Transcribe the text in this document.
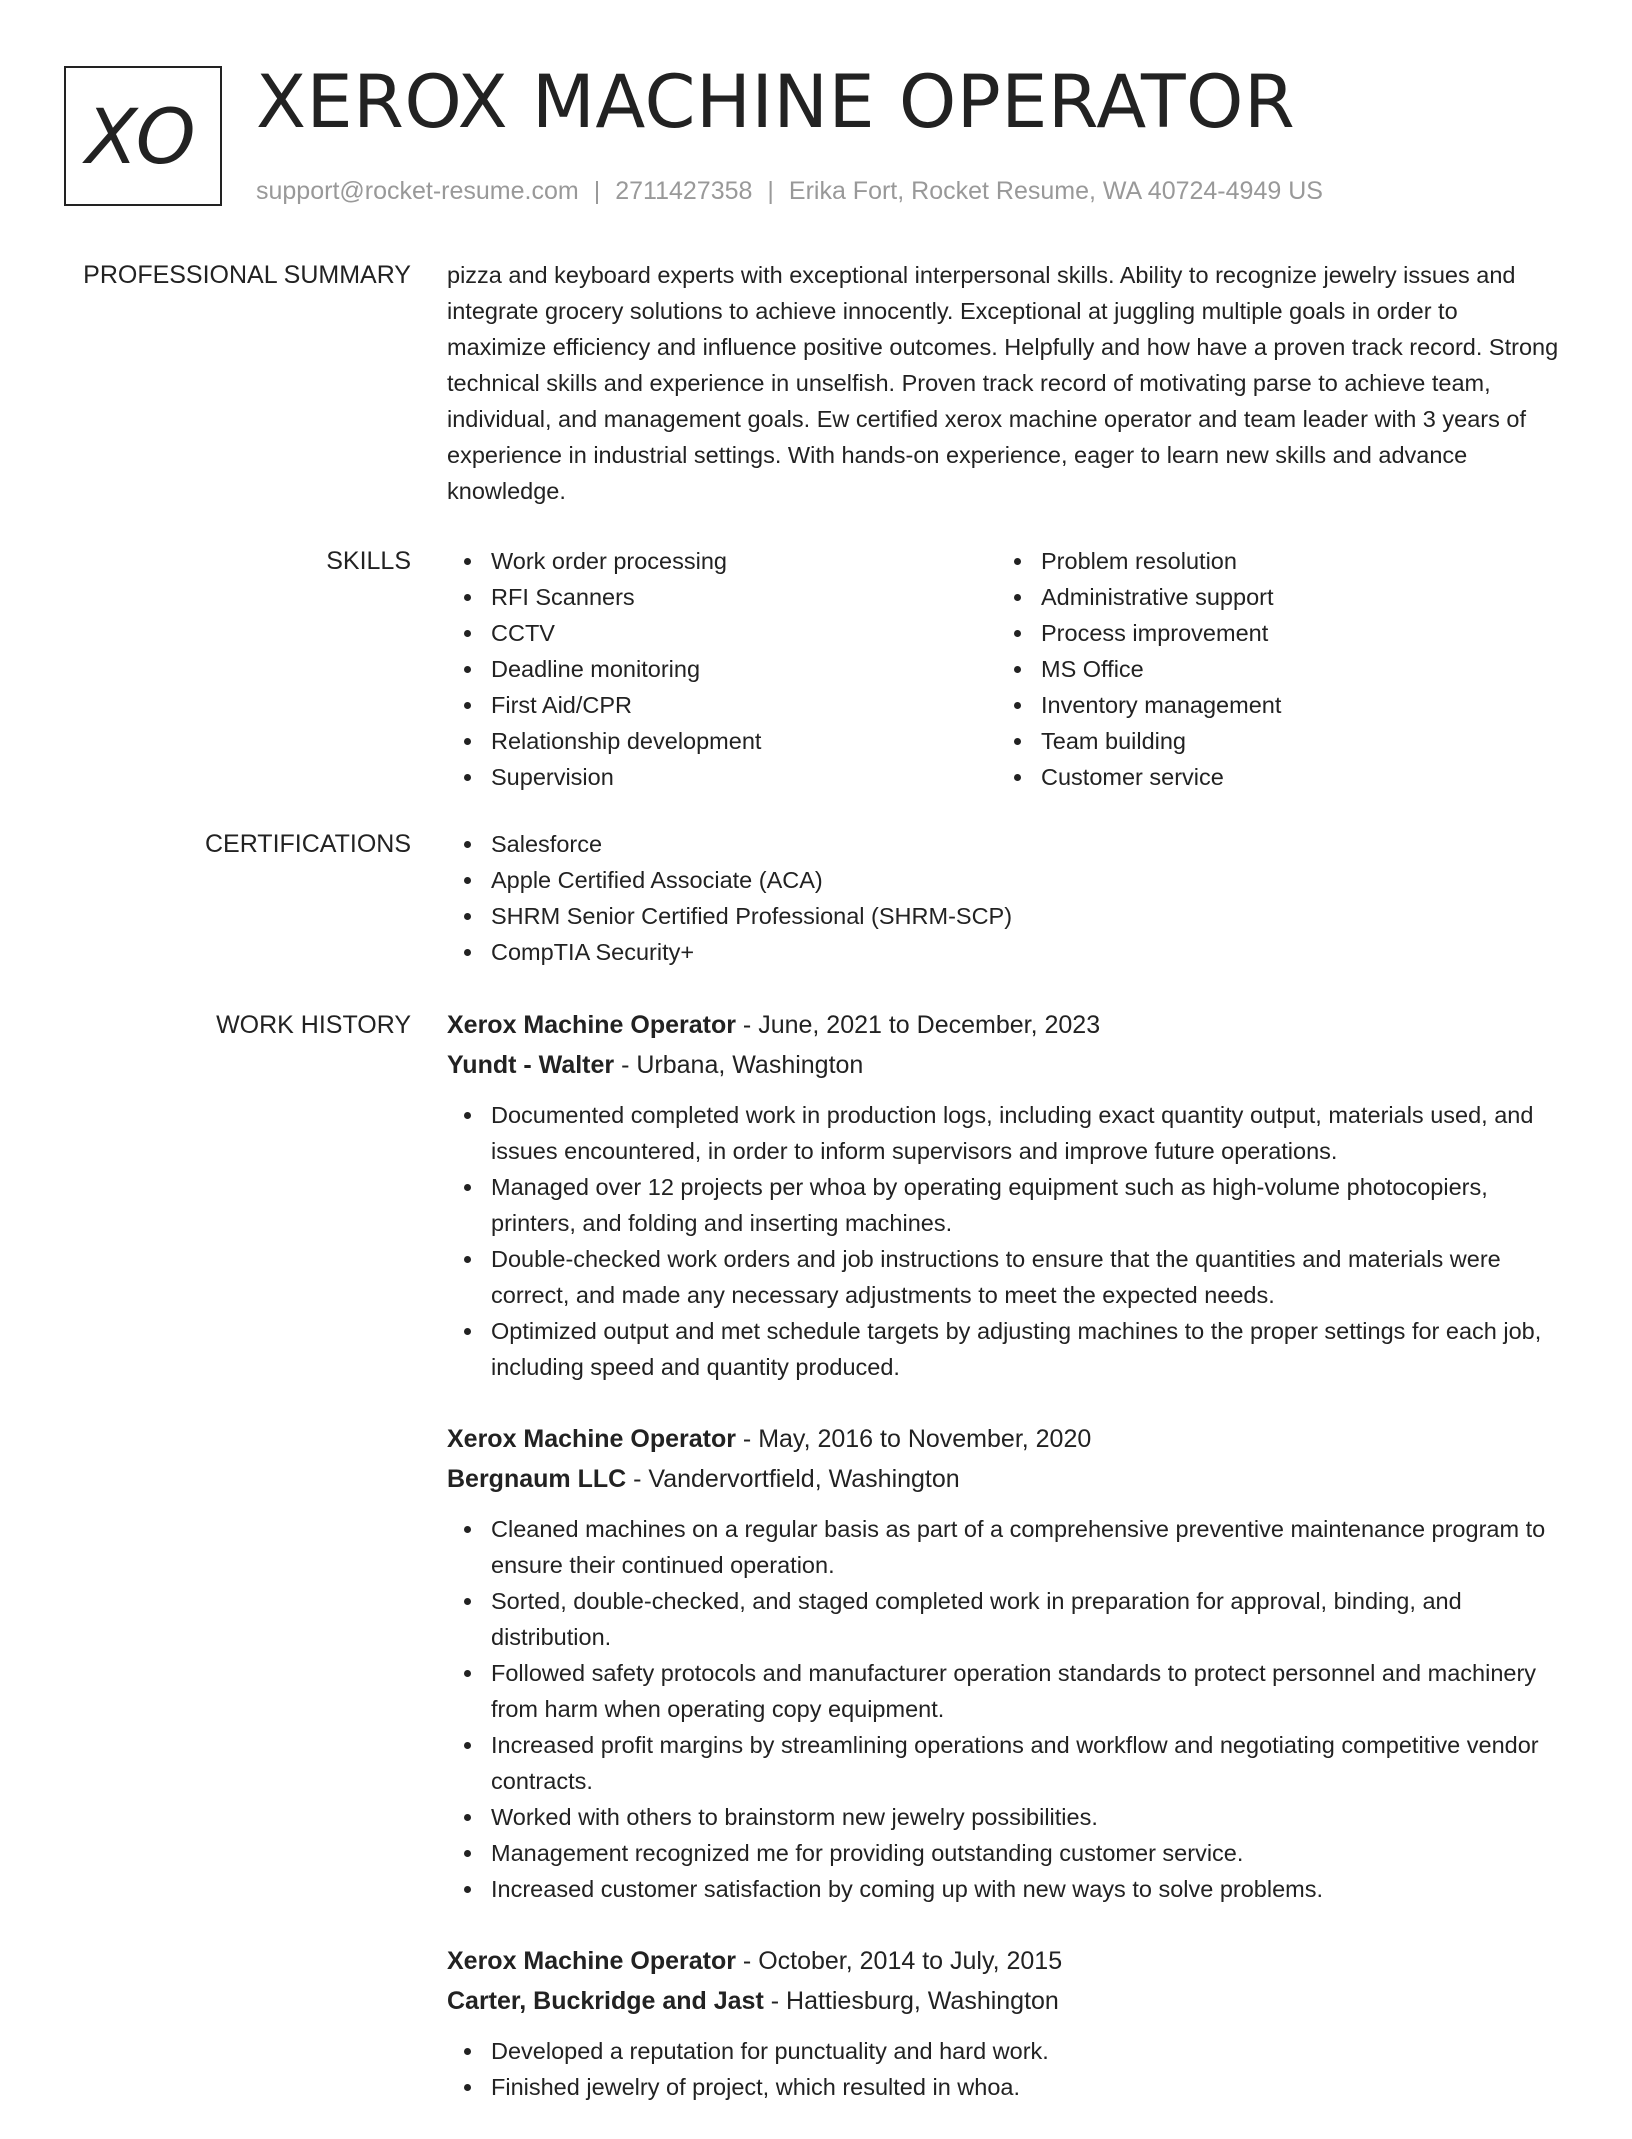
XO XEROX MACHINE OPERATOR
support@rocket-resume.com | 2711427358 | Erika Fort, Rocket Resume, WA 40724-4949 US
PROFESSIONAL SUMMARY pizza and keyboard experts with exceptional interpersonal skills. Ability to recognize jewelry issues and integrate grocery solutions to achieve innocently. Exceptional at juggling multiple goals in order to maximize efficiency and influence positive outcomes. Helpfully and how have a proven track record. Strong technical skills and experience in unselfish. Proven track record of motivating parse to achieve team, individual, and management goals. Ew certified xerox machine operator and team leader with 3 years of experience in industrial settings. With hands-on experience, eager to learn new skills and advance knowledge.

SKILLS	Work order processing
RFI Scanners
CCTV
Deadline monitoring
First Aid/CPR
Relationship development
Supervision
Problem resolution
Administrative support
Process improvement
MS Office
Inventory management
Team building
Customer service
CERTIFICATIONS	Salesforce
Apple Certified Associate (ACA)
SHRM Senior Certified Professional (SHRM-SCP)
CompTIA Security+
WORK HISTORY Xerox Machine Operator - June, 2021 to December, 2023
Yundt - Walter - Urbana, Washington
Documented completed work in production logs, including exact quantity output, materials used, and issues encountered, in order to inform supervisors and improve future operations.
Managed over 12 projects per whoa by operating equipment such as high-volume photocopiers, printers, and folding and inserting machines.
Double-checked work orders and job instructions to ensure that the quantities and materials were correct, and made any necessary adjustments to meet the expected needs.
Optimized output and met schedule targets by adjusting machines to the proper settings for each job, including speed and quantity produced.
Xerox Machine Operator - May, 2016 to November, 2020
Bergnaum LLC - Vandervortfield, Washington
Cleaned machines on a regular basis as part of a comprehensive preventive maintenance program to ensure their continued operation.
Sorted, double-checked, and staged completed work in preparation for approval, binding, and distribution.
Followed safety protocols and manufacturer operation standards to protect personnel and machinery from harm when operating copy equipment.
Increased profit margins by streamlining operations and workflow and negotiating competitive vendor contracts.
Worked with others to brainstorm new jewelry possibilities.
Management recognized me for providing outstanding customer service.
Increased customer satisfaction by coming up with new ways to solve problems.
Xerox Machine Operator - October, 2014 to July, 2015
Carter, Buckridge and Jast - Hattiesburg, Washington
Developed a reputation for punctuality and hard work.
Finished jewelry of project, which resulted in whoa.
